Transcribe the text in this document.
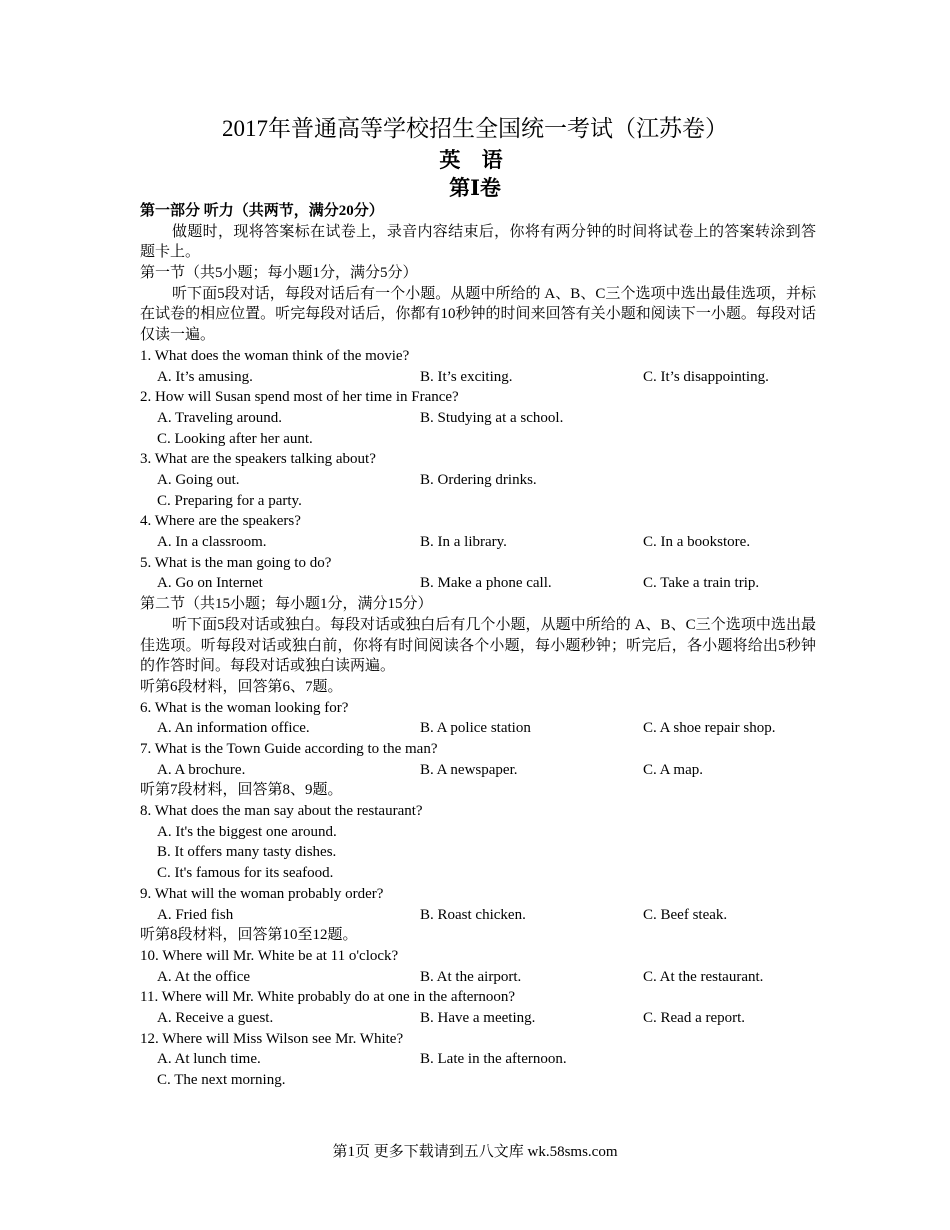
2017年普通高等学校招生全国统一考试（江苏卷）
英 语
第Ⅰ卷
第一部分 听力（共两节，满分20分）
做题时，现将答案标在试卷上，录音内容结束后，你将有两分钟的时间将试卷上的答案转涂到答题卡上。
第一节（共5小题；每小题1分，满分5分）
听下面5段对话，每段对话后有一个小题。从题中所给的 A、B、C三个选项中选出最佳选项，并标在试卷的相应位置。听完每段对话后，你都有10秒钟的时间来回答有关小题和阅读下一小题。每段对话仅读一遍。
1. What does the woman think of the movie?
A. It’s amusing.	B. It’s exciting.	C. It’s disappointing.
2. How will Susan spend most of her time in France?
A. Traveling around.	B. Studying at a school.
C. Looking after her aunt.
3. What are the speakers talking about?
A. Going out.	B. Ordering drinks.
C. Preparing for a party.
4. Where are the speakers?
A. In a classroom.	B. In a library.	C. In a bookstore.
5. What is the man going to do?
A. Go on Internet	B. Make a phone call.	C. Take a train trip.
第二节（共15小题；每小题1分，满分15分）
听下面5段对话或独白。每段对话或独白后有几个小题，从题中所给的 A、B、C三个选项中选出最佳选项。听每段对话或独白前，你将有时间阅读各个小题，每小题秒钟；听完后，各小题将给出5秒钟的作答时间。每段对话或独白读两遍。
听第6段材料，回答第6、7题。
6. What is the woman looking for?
A. An information office.	B. A police station	C. A shoe repair shop.
7. What is the Town Guide according to the man?
A. A brochure.	B. A newspaper.	C. A map.
听第7段材料，回答第8、9题。
8. What does the man say about the restaurant?
A. It's the biggest one around.
B. It offers many tasty dishes.
C. It's famous for its seafood.
9. What will the woman probably order?
A. Fried fish	B. Roast chicken.	C. Beef steak.
听第8段材料，回答第10至12题。
10. Where will Mr. White be at 11 o'clock?
A. At the office	B. At the airport.	C. At the restaurant.
11. Where will Mr. White probably do at one in the afternoon?
A. Receive a guest.	B. Have a meeting.	C. Read a report.
12. Where will Miss Wilson see Mr. White?
A. At lunch time.	B. Late in the afternoon.
C. The next morning.
第1页 更多下载请到五八文库 wk.58sms.com
